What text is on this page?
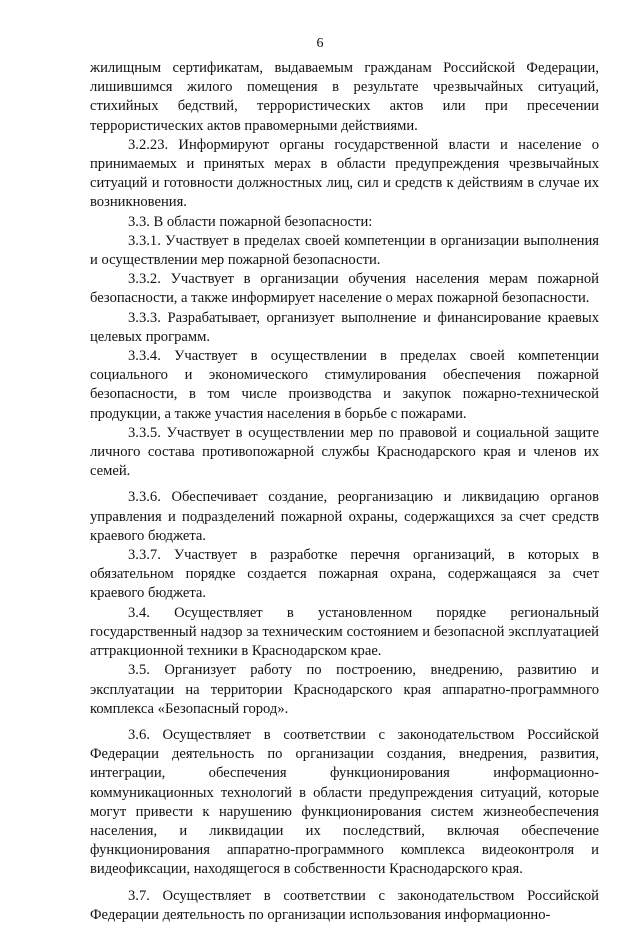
6

жилищным сертификатам, выдаваемым гражданам Российской Федерации, лишившимся жилого помещения в результате чрезвычайных ситуаций, стихийных бедствий, террористических актов или при пресечении террористических актов правомерными действиями.

3.2.23. Информируют органы государственной власти и население о принимаемых и принятых мерах в области предупреждения чрезвычайных ситуаций и готовности должностных лиц, сил и средств к действиям в случае их возникновения.

3.3. В области пожарной безопасности:

3.3.1. Участвует в пределах своей компетенции в организации выполнения и осуществлении мер пожарной безопасности.

3.3.2. Участвует в организации обучения населения мерам пожарной безопасности, а также информирует население о мерах пожарной безопасности.

3.3.3. Разрабатывает, организует выполнение и финансирование краевых целевых программ.

3.3.4. Участвует в осуществлении в пределах своей компетенции социального и экономического стимулирования обеспечения пожарной безопасности, в том числе производства и закупок пожарно-технической продукции, а также участия населения в борьбе с пожарами.

3.3.5. Участвует в осуществлении мер по правовой и социальной защите личного состава противопожарной службы Краснодарского края и членов их семей.

3.3.6. Обеспечивает создание, реорганизацию и ликвидацию органов управления и подразделений пожарной охраны, содержащихся за счет средств краевого бюджета.

3.3.7. Участвует в разработке перечня организаций, в которых в обязательном порядке создается пожарная охрана, содержащаяся за счет краевого бюджета.

3.4. Осуществляет в установленном порядке региональный государственный надзор за техническим состоянием и безопасной эксплуатацией аттракционной техники в Краснодарском крае.

3.5. Организует работу по построению, внедрению, развитию и эксплуатации на территории Краснодарского края аппаратно-программного комплекса «Безопасный город».

3.6. Осуществляет в соответствии с законодательством Российской Федерации деятельность по организации создания, внедрения, развития, интеграции, обеспечения функционирования информационно-коммуникационных технологий в области предупреждения ситуаций, которые могут привести к нарушению функционирования систем жизнеобеспечения населения, и ликвидации их последствий, включая обеспечение функционирования аппаратно-программного комплекса видеоконтроля и видеофиксации, находящегося в собственности Краснодарского края.

3.7. Осуществляет в соответствии с законодательством Российской Федерации деятельность по организации использования информационно-
